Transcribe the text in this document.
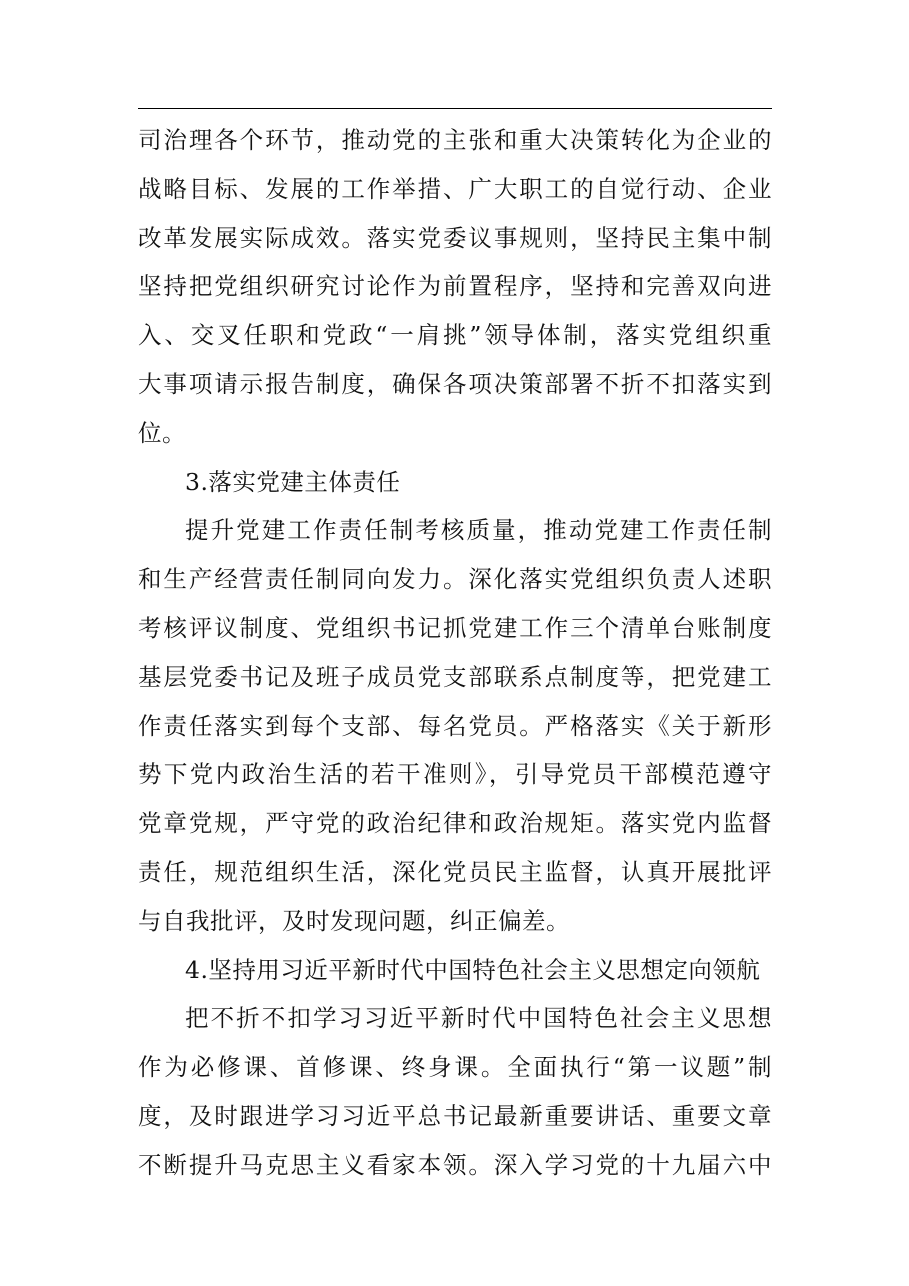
司治理各个环节，推动党的主张和重大决策转化为企业的
战略目标、发展的工作举措、广大职工的自觉行动、企业
改革发展实际成效。落实党委议事规则，坚持民主集中制
坚持把党组织研究讨论作为前置程序，坚持和完善双向进
入、交叉任职和党政“一肩挑”领导体制，落实党组织重
大事项请示报告制度，确保各项决策部署不折不扣落实到
位。
3.落实党建主体责任
提升党建工作责任制考核质量，推动党建工作责任制
和生产经营责任制同向发力。深化落实党组织负责人述职
考核评议制度、党组织书记抓党建工作三个清单台账制度
基层党委书记及班子成员党支部联系点制度等，把党建工
作责任落实到每个支部、每名党员。严格落实《关于新形
势下党内政治生活的若干准则》，引导党员干部模范遵守
党章党规，严守党的政治纪律和政治规矩。落实党内监督
责任，规范组织生活，深化党员民主监督，认真开展批评
与自我批评，及时发现问题，纠正偏差。
4.坚持用习近平新时代中国特色社会主义思想定向领航
把不折不扣学习习近平新时代中国特色社会主义思想
作为必修课、首修课、终身课。全面执行“第一议题”制
度，及时跟进学习习近平总书记最新重要讲话、重要文章
不断提升马克思主义看家本领。深入学习党的十九届六中
